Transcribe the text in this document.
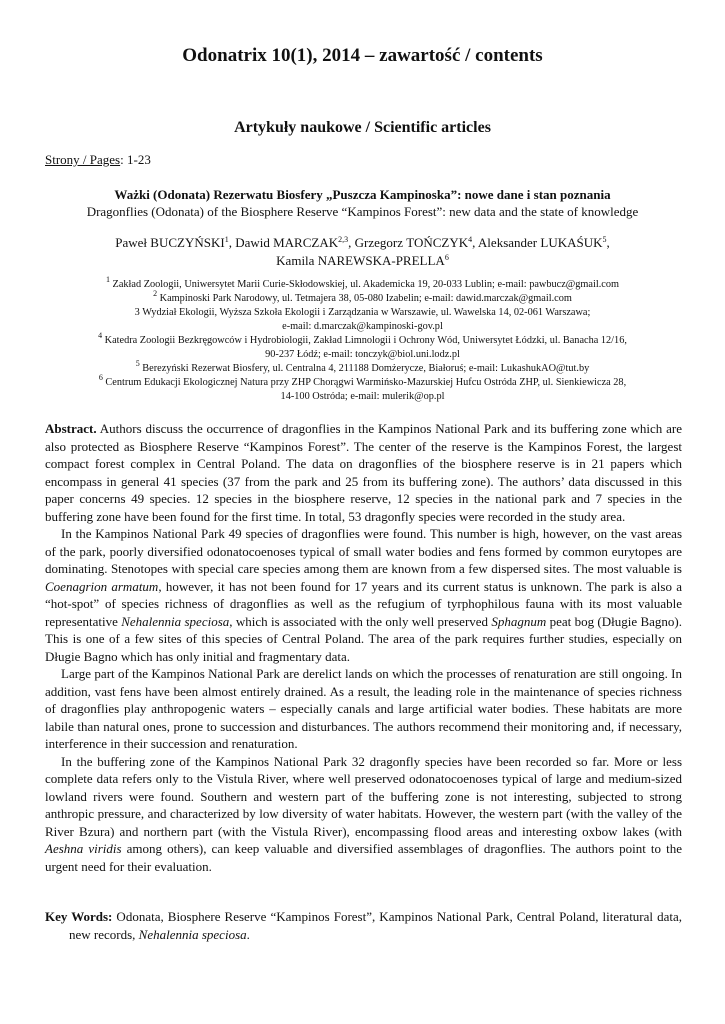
Odonatrix 10(1), 2014 – zawartość / contents
Artykuły naukowe / Scientific articles
Strony / Pages: 1-23
Ważki (Odonata) Rezerwatu Biosfery „Puszcza Kampinoska”: nowe dane i stan poznania
Dragonflies (Odonata) of the Biosphere Reserve “Kampinos Forest”: new data and the state of knowledge
Paweł BUCZYŃSKI$^1$, Dawid MARCZAK$^{2,3}$, Grzegorz TOŃCZYK$^4$, Aleksander LUKAŚUK$^5$,
Kamila NAREWSKA-PRELLA$^6$
$^1$ Zakład Zoologii, Uniwersytet Marii Curie-Skłodowskiej, ul. Akademicka 19, 20-033 Lublin; e-mail: pawbucz@gmail.com
$^2$ Kampinoski Park Narodowy, ul. Tetmajera 38, 05-080 Izabelin; e-mail: dawid.marczak@gmail.com
3 Wydział Ekologii, Wyższa Szkoła Ekologii i Zarządzania w Warszawie, ul. Wawelska 14, 02-061 Warszawa;
e-mail: d.marczak@kampinoski-gov.pl
$^4$ Katedra Zoologii Bezkręgowców i Hydrobiologii, Zakład Limnologii i Ochrony Wód, Uniwersytet Łódzki, ul. Banacha 12/16,
90-237 Łódź; e-mail: tonczyk@biol.uni.lodz.pl
$^5$ Berezyński Rezerwat Biosfery, ul. Centralna 4, 211188 Domżerycze, Białoruś; e-mail: LukashukAO@tut.by
$^6$ Centrum Edukacji Ekologicznej Natura przy ZHP Chorągwi Warmińsko-Mazurskiej Hufcu Ostróda ZHP, ul. Sienkiewicza 28,
14-100 Ostróda; e-mail: mulerik@op.pl

Abstract. Authors discuss the occurrence of dragonflies in the Kampinos National Park and its buffering zone which are also protected as Biosphere Reserve “Kampinos Forest”. The center of the reserve is the Kampinos Forest, the largest compact forest complex in Central Poland. The data on dragonflies of the biosphere reserve is in 21 papers which encompass in general 41 species (37 from the park and 25 from its buffering zone). The authors’ data discussed in this paper concerns 49 species. 12 species in the biosphere reserve, 12 species in the national park and 7 species in the buffering zone have been found for the first time. In total, 53 dragonfly species were recorded in the study area.

In the Kampinos National Park 49 species of dragonflies were found. This number is high, however, on the vast areas of the park, poorly diversified odonatocoenoses typical of small water bodies and fens formed by common eurytopes are dominating. Stenotopes with special care species among them are known from a few dispersed sites. The most valuable is Coenagrion armatum, however, it has not been found for 17 years and its current status is unknown. The park is also a “hot-spot” of species richness of dragonflies as well as the refugium of tyrphophilous fauna with its most valuable representative Nehalennia speciosa, which is associated with the only well preserved Sphagnum peat bog (Długie Bagno). This is one of a few sites of this species of Central Poland. The area of the park requires further studies, especially on Długie Bagno which has only initial and fragmentary data.

Large part of the Kampinos National Park are derelict lands on which the processes of renaturation are still ongoing. In addition, vast fens have been almost entirely drained. As a result, the leading role in the maintenance of species richness of dragonflies play anthropogenic waters – especially canals and large artificial water bodies. These habitats are more labile than natural ones, prone to succession and disturbances. The authors recommend their monitoring and, if necessary, interference in their succession and renaturation.

In the buffering zone of the Kampinos National Park 32 dragonfly species have been recorded so far. More or less complete data refers only to the Vistula River, where well preserved odonatocoenoses typical of large and medium-sized lowland rivers were found. Southern and western part of the buffering zone is not interesting, subjected to strong anthropic pressure, and characterized by low diversity of water habitats. However, the western part (with the valley of the River Bzura) and northern part (with the Vistula River), encompassing flood areas and interesting oxbow lakes (with Aeshna viridis among others), can keep valuable and diversified assemblages of dragonflies. The authors point to the urgent need for their evaluation.

Key Words: Odonata, Biosphere Reserve “Kampinos Forest”, Kampinos National Park, Central Poland, literatural data, new records, Nehalennia speciosa.
